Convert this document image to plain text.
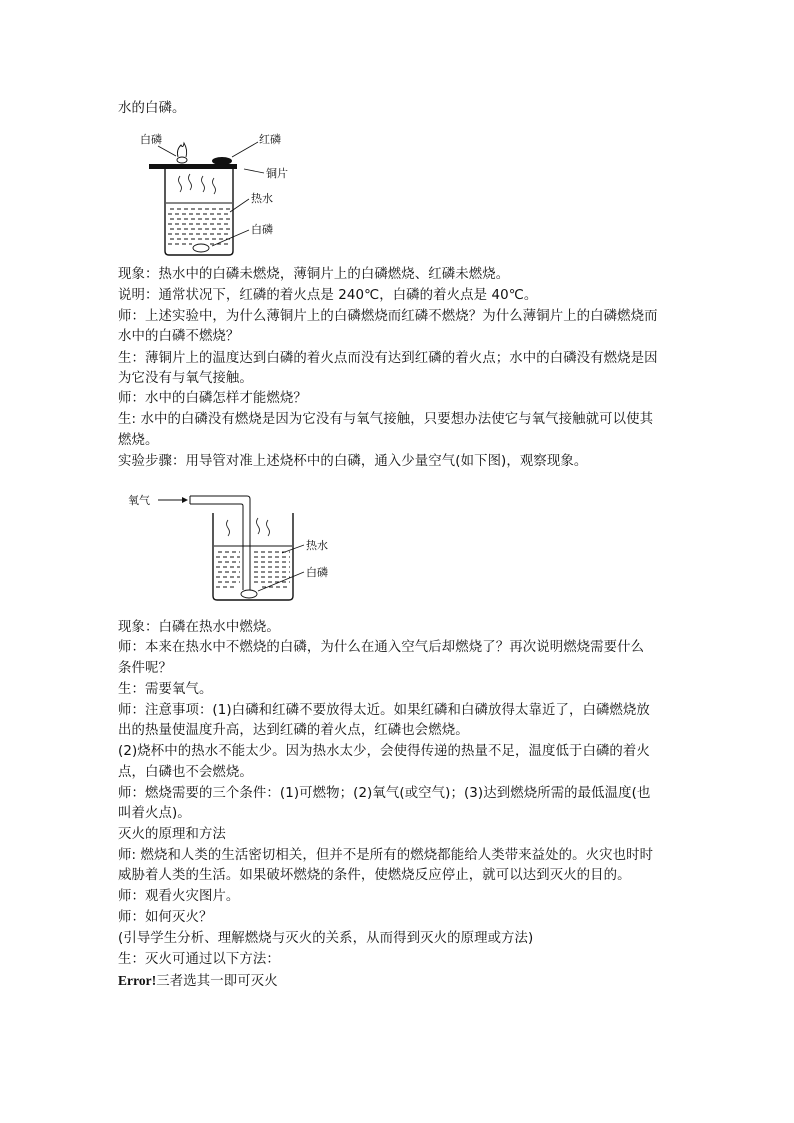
水的白磷。
白磷	红磷
铜片
热水
白磷
现象：热水中的白磷未燃烧，薄铜片上的白磷燃烧、红磷未燃烧。
说明：通常状况下，红磷的着火点是 240℃，白磷的着火点是 40℃。
师：上述实验中，为什么薄铜片上的白磷燃烧而红磷不燃烧？为什么薄铜片上的白磷燃烧而
水中的白磷不燃烧？
生：薄铜片上的温度达到白磷的着火点而没有达到红磷的着火点；水中的白磷没有燃烧是因
为它没有与氧气接触。
师：水中的白磷怎样才能燃烧？
生: 水中的白磷没有燃烧是因为它没有与氧气接触，只要想办法使它与氧气接触就可以使其
燃烧。
实验步骤：用导管对准上述烧杯中的白磷，通入少量空气(如下图)，观察现象。
氧气
热水
白磷
现象：白磷在热水中燃烧。
师：本来在热水中不燃烧的白磷，为什么在通入空气后却燃烧了？再次说明燃烧需要什么
条件呢？
生：需要氧气。
师：注意事项：(1)白磷和红磷不要放得太近。如果红磷和白磷放得太靠近了，白磷燃烧放
出的热量使温度升高，达到红磷的着火点，红磷也会燃烧。
(2)烧杯中的热水不能太少。因为热水太少，会使得传递的热量不足，温度低于白磷的着火
点，白磷也不会燃烧。
师：燃烧需要的三个条件：(1)可燃物；(2)氧气(或空气)；(3)达到燃烧所需的最低温度(也
叫着火点)。
灭火的原理和方法
师: 燃烧和人类的生活密切相关，但并不是所有的燃烧都能给人类带来益处的。火灾也时时
威胁着人类的生活。如果破坏燃烧的条件，使燃烧反应停止，就可以达到灭火的目的。
师：观看火灾图片。
师：如何灭火？
(引导学生分析、理解燃烧与灭火的关系，从而得到灭火的原理或方法)
生：灭火可通过以下方法：
Error!三者选其一即可灭火
